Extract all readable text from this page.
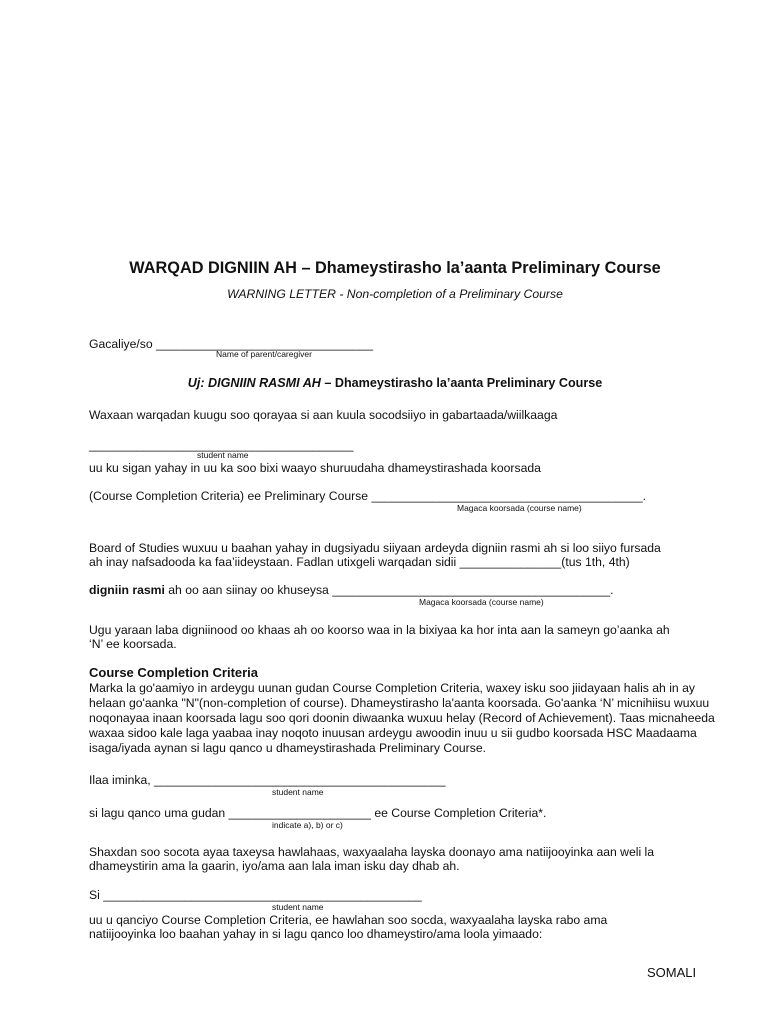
WARQAD DIGNIIN AH – Dhameystirasho la’aanta Preliminary Course
WARNING LETTER - Non-completion of a Preliminary Course
Gacaliye/so ________________________________
Name of parent/caregiver
Uj: DIGNIIN RASMI AH – Dhameystirasho la’aanta Preliminary Course
Waxaan warqadan kuugu soo qorayaa si aan kuula socodsiiyo in gabartaada/wiilkaaga
_______________________________________
student name
uu ku sigan yahay in uu ka soo bixi waayo shuruudaha dhameystirashada koorsada
(Course Completion Criteria) ee Preliminary Course ________________________________________.
Magaca koorsada (course name)
Board of Studies wuxuu u baahan yahay in dugsiyadu siiyaan ardeyda digniin rasmi ah si loo siiyo fursada
ah inay nafsadooda ka faa’iideystaan. Fadlan utixgeli warqadan sidii _______________(tus 1th, 4th)
digniin rasmi ah oo aan siinay oo khuseysa _________________________________________.
Magaca koorsada (course name)
Ugu yaraan laba digniinood oo khaas ah oo koorso waa in la bixiyaa ka hor inta aan la sameyn go’aanka ah
‘N’ ee koorsada.
Course Completion Criteria
Marka la go'aamiyo in ardeygu uunan gudan Course Completion Criteria, waxey isku soo jiidayaan halis ah in ay helaan go'aanka "N"(non-completion of course). Dhameystirasho la'aanta koorsada. Go'aanka ‘N’ micnihiisu wuxuu noqonayaa inaan koorsada lagu soo qori doonin diwaanka wuxuu helay (Record of Achievement). Taas micnaheeda waxaa sidoo kale laga yaabaa inay noqoto inuusan ardeygu awoodin inuu u sii gudbo koorsada HSC Maadaama isaga/iyada aynan si lagu qanco u dhameystirashada Preliminary Course.
Ilaa iminka, ___________________________________________
student name
si lagu qanco uma gudan _____________________ ee Course Completion Criteria*.
indicate a), b) or c)
Shaxdan soo socota ayaa taxeysa hawlahaas, waxyaalaha layska doonayo ama natiijooyinka aan weli la
dhameystirin ama la gaarin, iyo/ama aan lala iman isku day dhab ah.
Si _______________________________________________
student name
uu u qanciyo Course Completion Criteria, ee hawlahan soo socda, waxyaalaha layska rabo ama
natiijooyinka loo baahan yahay in si lagu qanco loo dhameystiro/ama loola yimaado:
SOMALI
